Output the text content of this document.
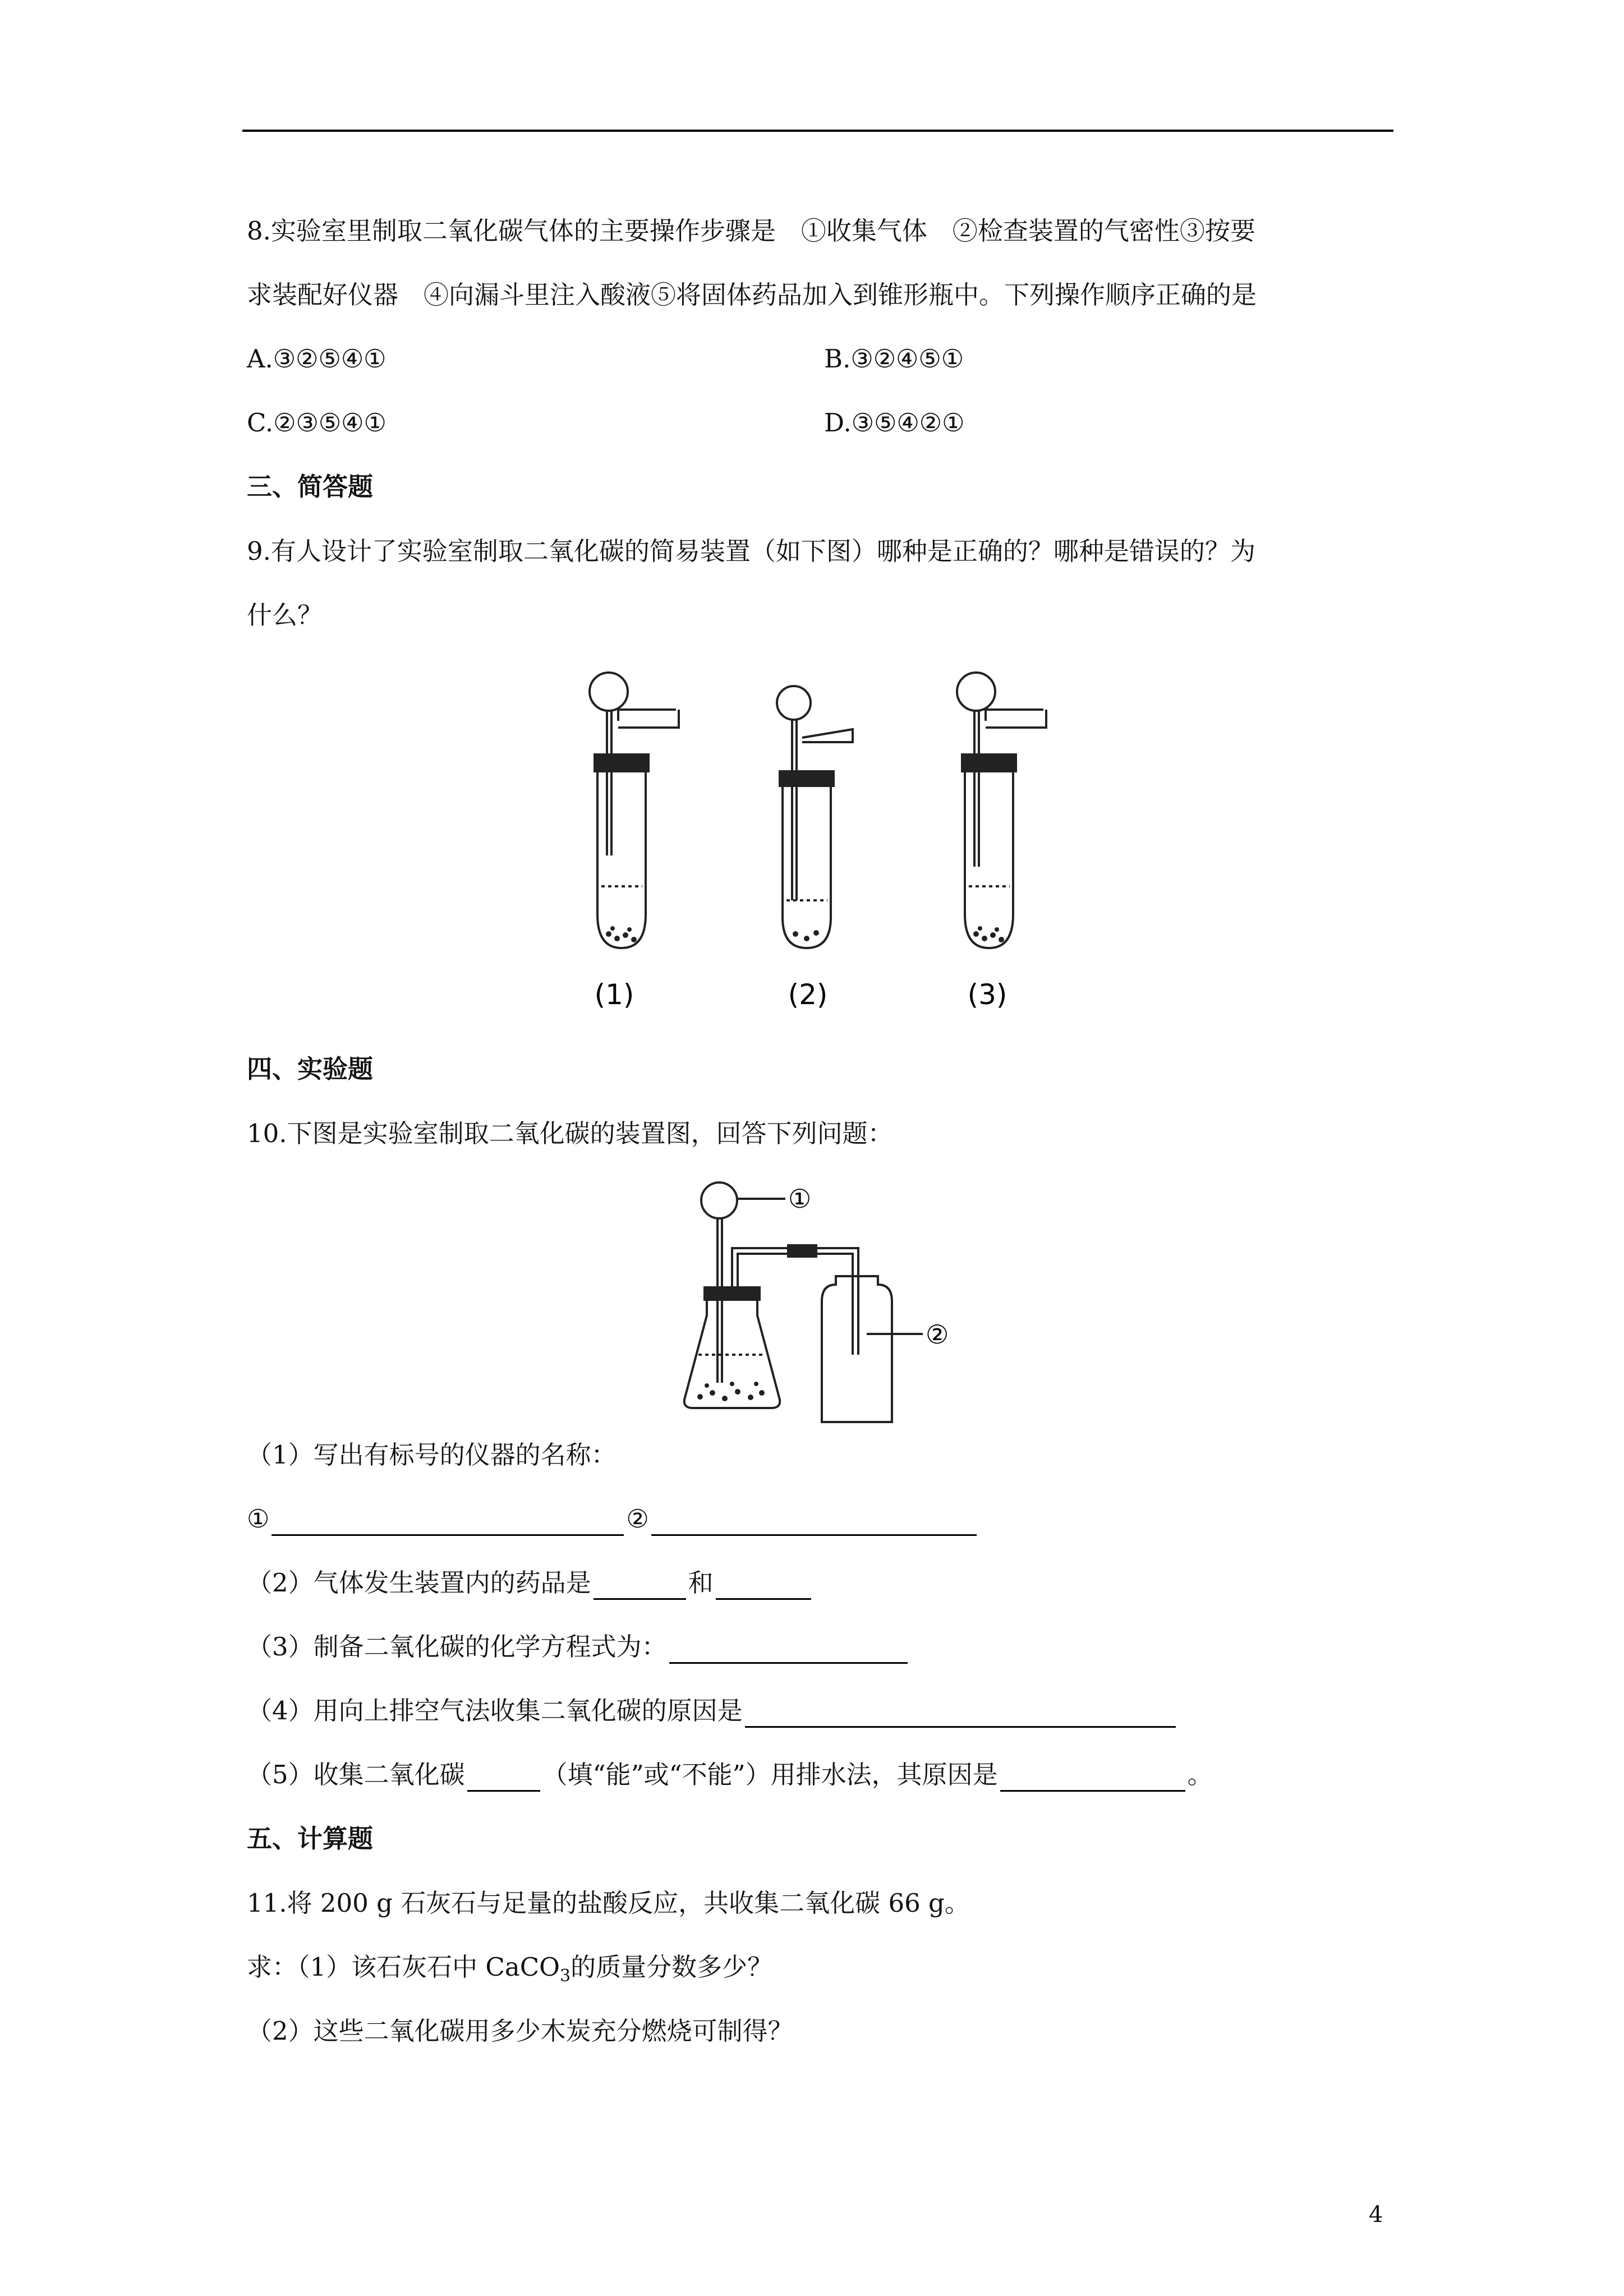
8.实验室里制取二氧化碳气体的主要操作步骤是　①收集气体　②检查装置的气密性③按要
求装配好仪器　④向漏斗里注入酸液⑤将固体药品加入到锥形瓶中。下列操作顺序正确的是
A.③②⑤④①	B.③②④⑤①
C.②③⑤④①	D.③⑤④②①
三、简答题
9.有人设计了实验室制取二氧化碳的简易装置（如下图）哪种是正确的？哪种是错误的？为
什么？
(1)	(2)	(3)
四、实验题
10.下图是实验室制取二氧化碳的装置图，回答下列问题：
①
②
（1）写出有标号的仪器的名称：
①	②
（2）气体发生装置内的药品是	和
（3）制备二氧化碳的化学方程式为：
（4）用向上排空气法收集二氧化碳的原因是
（5）收集二氧化碳	（填“能”或“不能”）用排水法，其原因是	。
五、计算题
11.将 200 g 石灰石与足量的盐酸反应，共收集二氧化碳 66 g。
求：（1）该石灰石中 CaCO$_3$的质量分数多少？
（2）这些二氧化碳用多少木炭充分燃烧可制得？
4
